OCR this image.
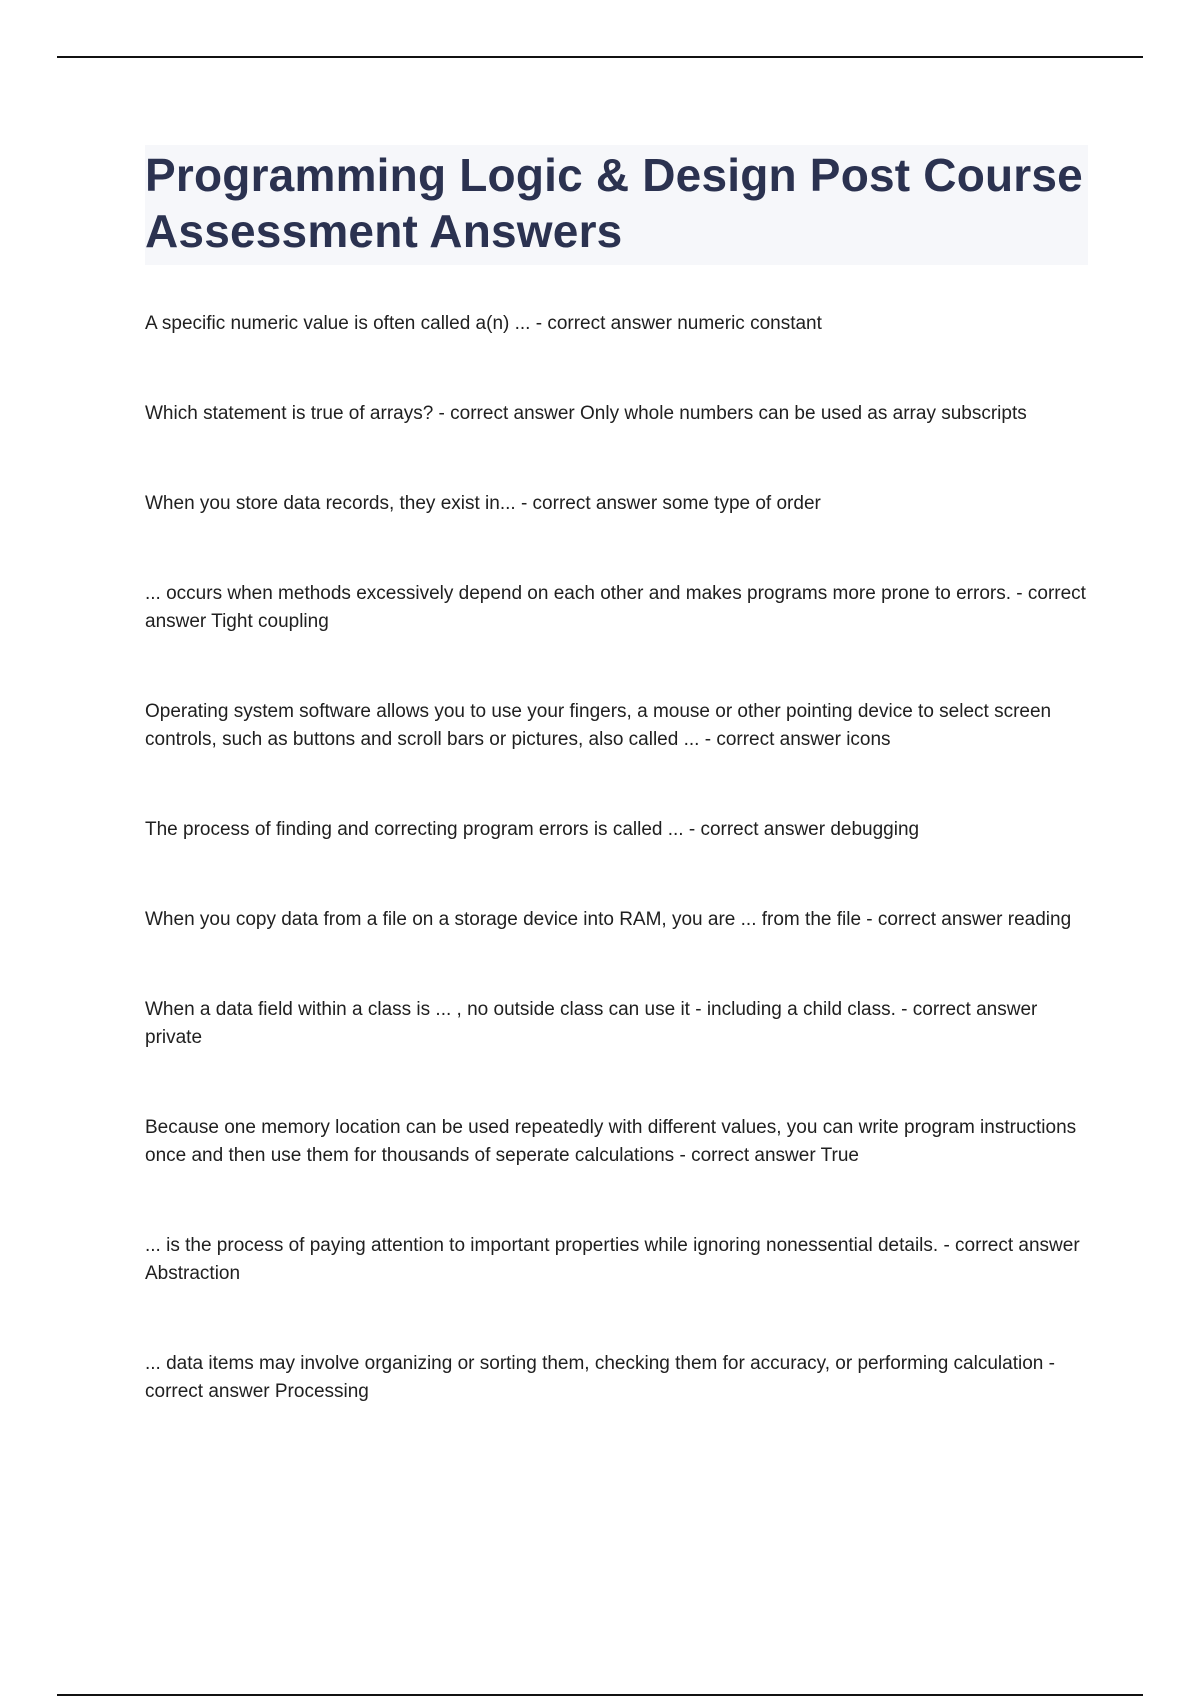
Programming Logic & Design Post Course Assessment Answers
A specific numeric value is often called a(n) ... - correct answer numeric constant
Which statement is true of arrays? - correct answer Only whole numbers can be used as array subscripts
When you store data records, they exist in... - correct answer some type of order
... occurs when methods excessively depend on each other and makes programs more prone to errors. - correct answer Tight coupling
Operating system software allows you to use your fingers, a mouse or other pointing device to select screen controls, such as buttons and scroll bars or pictures, also called ... - correct answer icons
The process of finding and correcting program errors is called ... - correct answer debugging
When you copy data from a file on a storage device into RAM, you are ... from the file - correct answer reading
When a data field within a class is ... , no outside class can use it - including a child class. - correct answer private
Because one memory location can be used repeatedly with different values, you can write program instructions once and then use them for thousands of seperate calculations - correct answer True
... is the process of paying attention to important properties while ignoring nonessential details. - correct answer Abstraction
... data items may involve organizing or sorting them, checking them for accuracy, or performing calculation - correct answer Processing
